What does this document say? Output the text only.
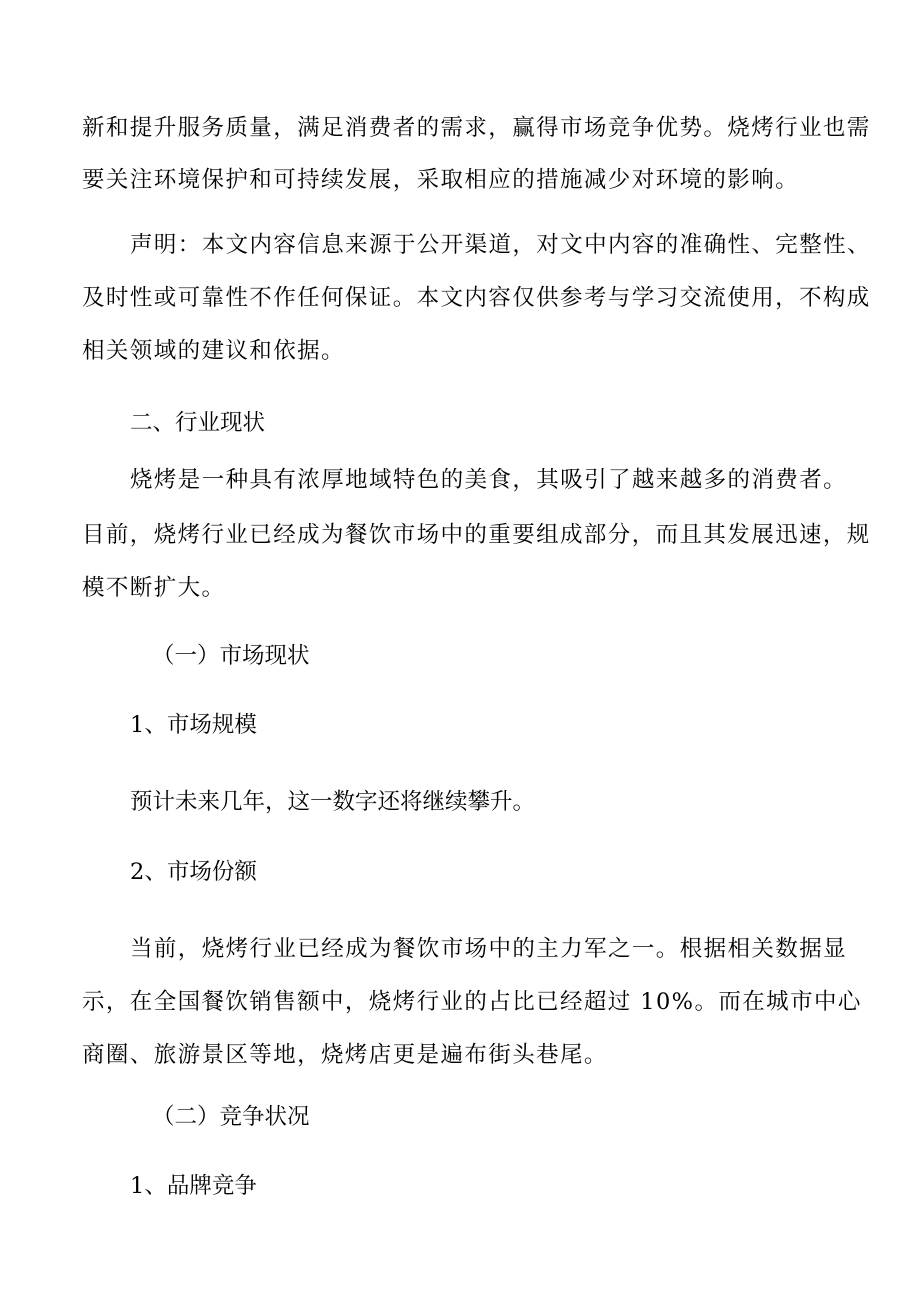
新和提升服务质量，满足消费者的需求，赢得市场竞争优势。烧烤行业也需

要关注环境保护和可持续发展，采取相应的措施减少对环境的影响。

声明：本文内容信息来源于公开渠道，对文中内容的准确性、完整性、

及时性或可靠性不作任何保证。本文内容仅供参考与学习交流使用，不构成

相关领域的建议和依据。

二、行业现状

烧烤是一种具有浓厚地域特色的美食，其吸引了越来越多的消费者。

目前，烧烤行业已经成为餐饮市场中的重要组成部分，而且其发展迅速，规

模不断扩大。

（一）市场现状

1、市场规模

预计未来几年，这一数字还将继续攀升。

2、市场份额

当前，烧烤行业已经成为餐饮市场中的主力军之一。根据相关数据显

示，在全国餐饮销售额中，烧烤行业的占比已经超过 10%。而在城市中心

商圈、旅游景区等地，烧烤店更是遍布街头巷尾。

（二）竞争状况

1、品牌竞争
